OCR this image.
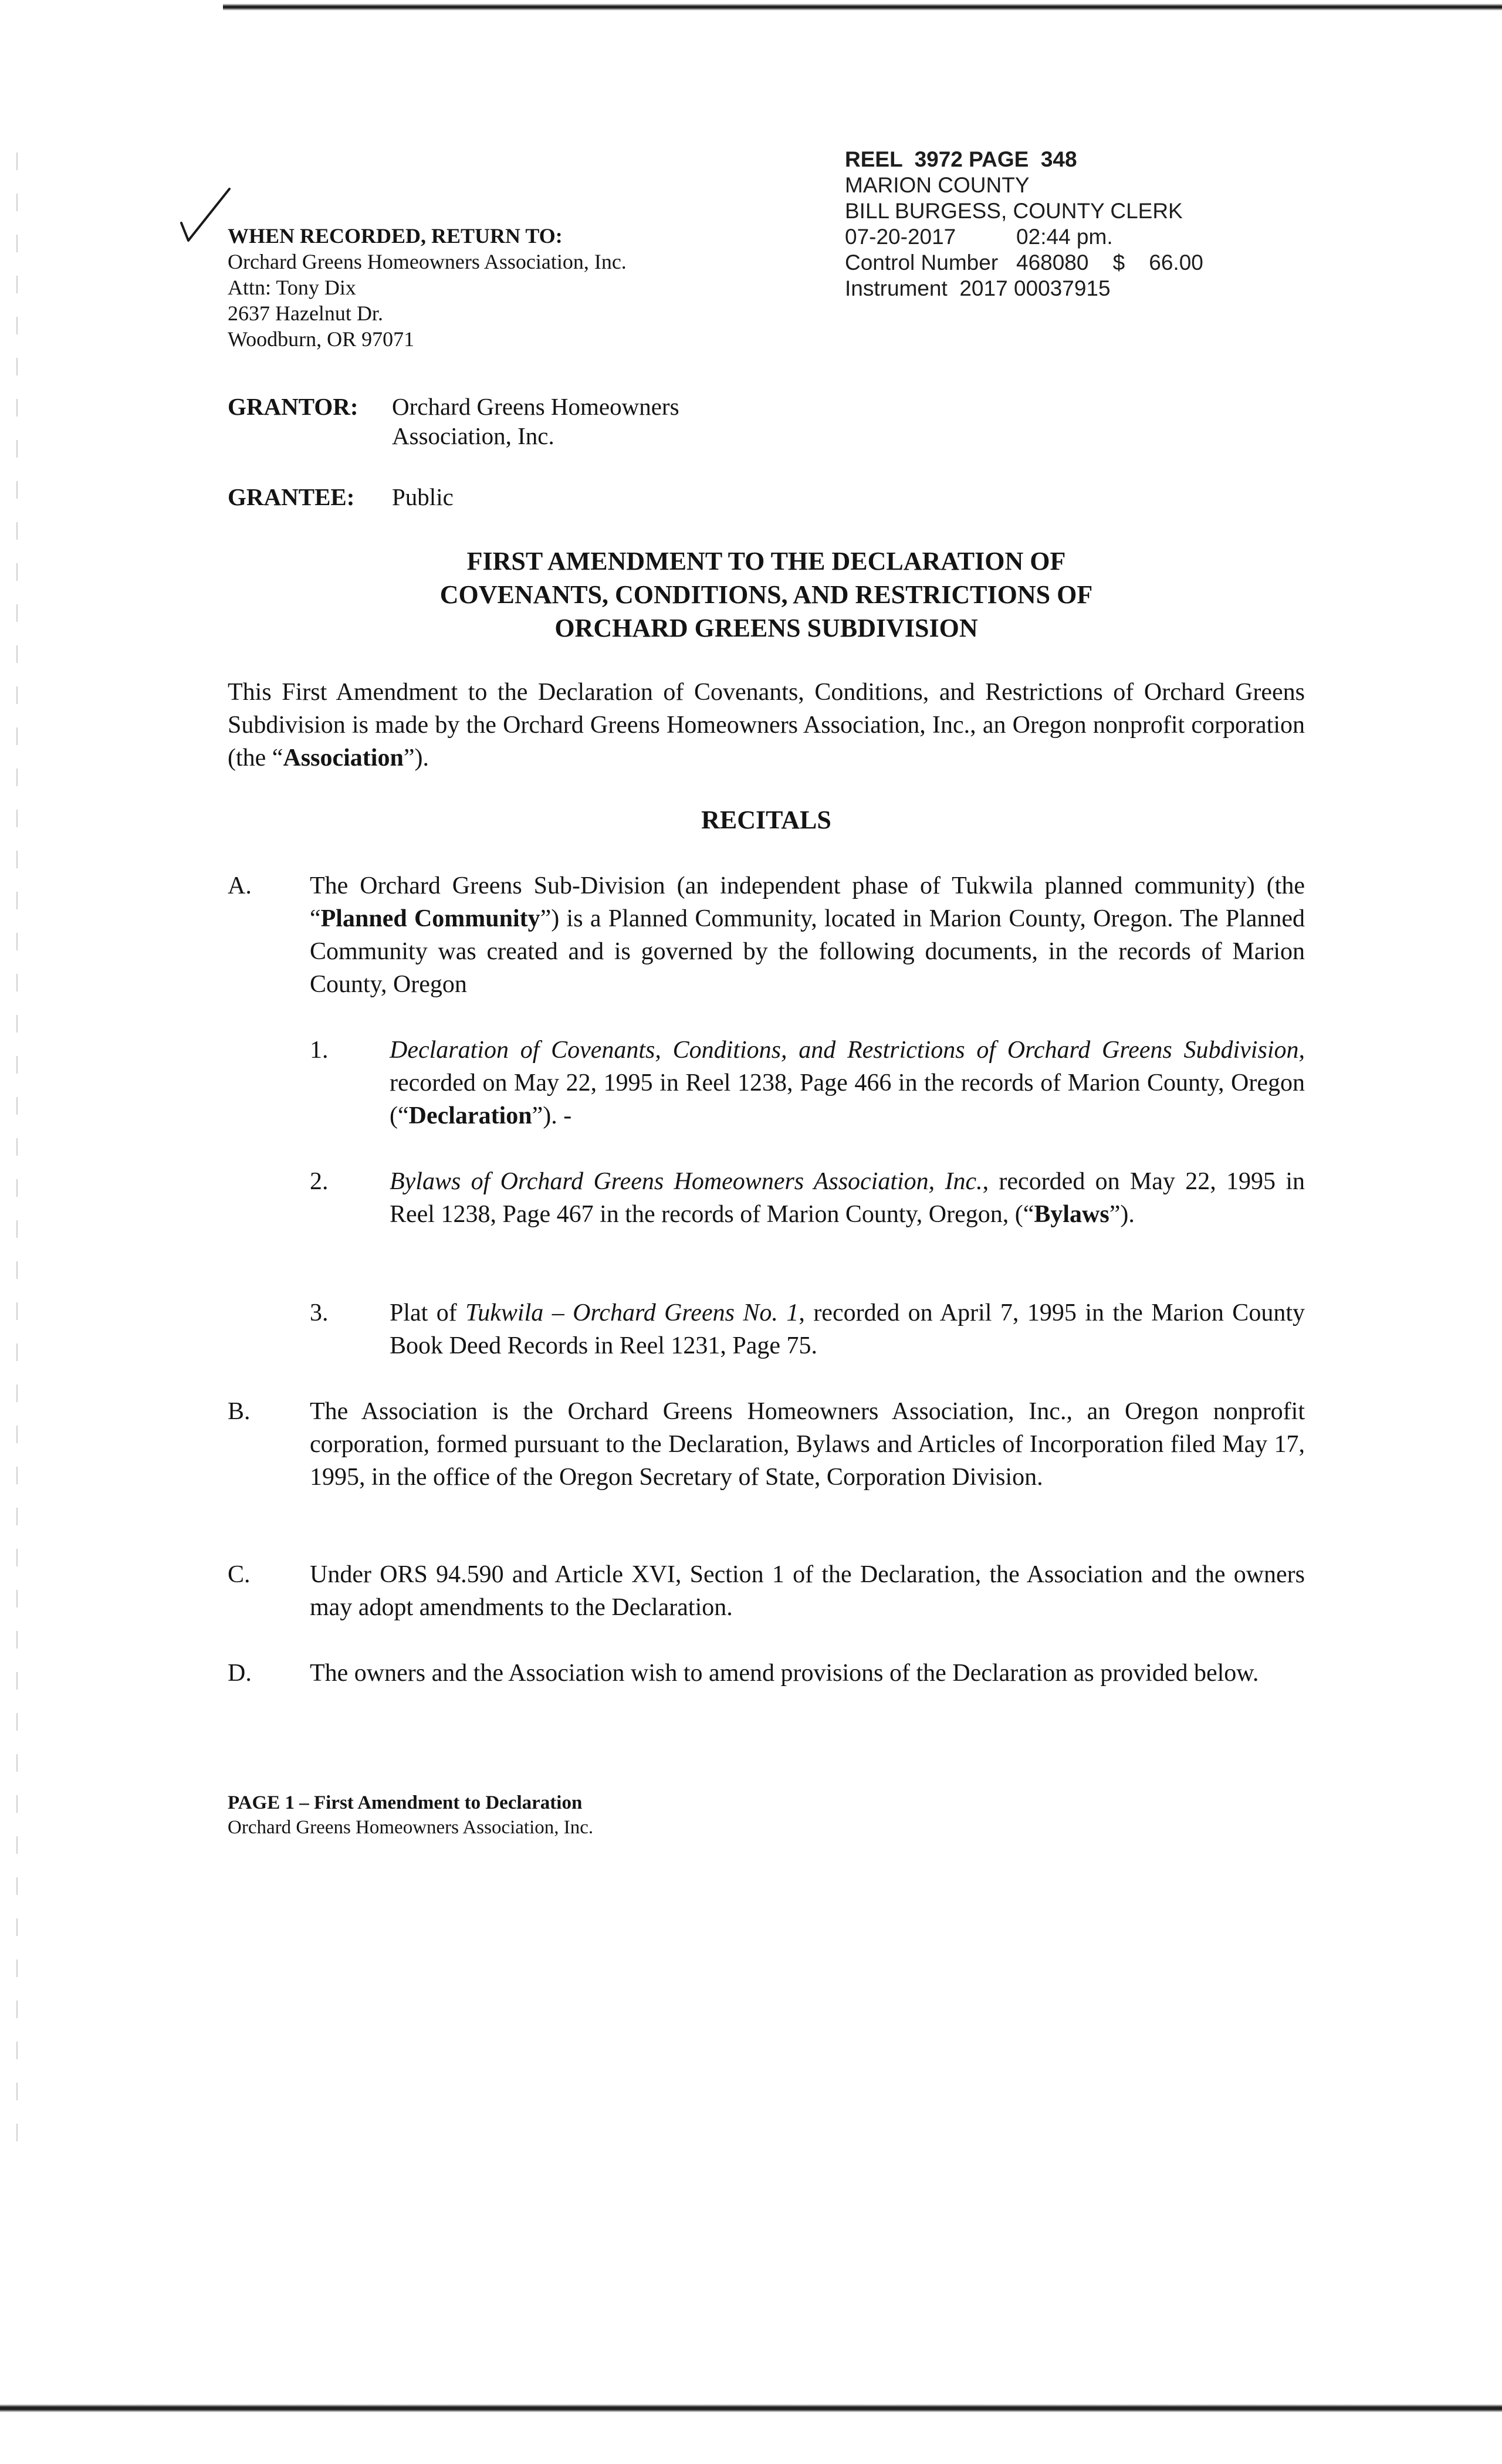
REEL  3972 PAGE  348
MARION COUNTY
BILL BURGESS, COUNTY CLERK
07-20-2017          02:44 pm.
Control Number   468080    $    66.00
Instrument  2017 00037915
WHEN RECORDED, RETURN TO:
Orchard Greens Homeowners Association, Inc.
Attn: Tony Dix
2637 Hazelnut Dr.
Woodburn, OR 97071
GRANTOR: Orchard Greens Homeowners Association, Inc.
GRANTEE: Public
FIRST AMENDMENT TO THE DECLARATION OF
COVENANTS, CONDITIONS, AND RESTRICTIONS OF
ORCHARD GREENS SUBDIVISION
This First Amendment to the Declaration of Covenants, Conditions, and Restrictions of Orchard Greens Subdivision is made by the Orchard Greens Homeowners Association, Inc., an Oregon nonprofit corporation (the “Association”).
RECITALS
A. The Orchard Greens Sub-Division (an independent phase of Tukwila planned community) (the “Planned Community”) is a Planned Community, located in Marion County, Oregon. The Planned Community was created and is governed by the following documents, in the records of Marion County, Oregon
1. Declaration of Covenants, Conditions, and Restrictions of Orchard Greens Subdivision, recorded on May 22, 1995 in Reel 1238, Page 466 in the records of Marion County, Oregon (“Declaration”). -
2. Bylaws of Orchard Greens Homeowners Association, Inc., recorded on May 22, 1995 in Reel 1238, Page 467 in the records of Marion County, Oregon, (“Bylaws”).
3. Plat of Tukwila – Orchard Greens No. 1, recorded on April 7, 1995 in the Marion County Book Deed Records in Reel 1231, Page 75.
B. The Association is the Orchard Greens Homeowners Association, Inc., an Oregon nonprofit corporation, formed pursuant to the Declaration, Bylaws and Articles of Incorporation filed May 17, 1995, in the office of the Oregon Secretary of State, Corporation Division.
C. Under ORS 94.590 and Article XVI, Section 1 of the Declaration, the Association and the owners may adopt amendments to the Declaration.
D. The owners and the Association wish to amend provisions of the Declaration as provided below.
PAGE 1 – First Amendment to Declaration
Orchard Greens Homeowners Association, Inc.
